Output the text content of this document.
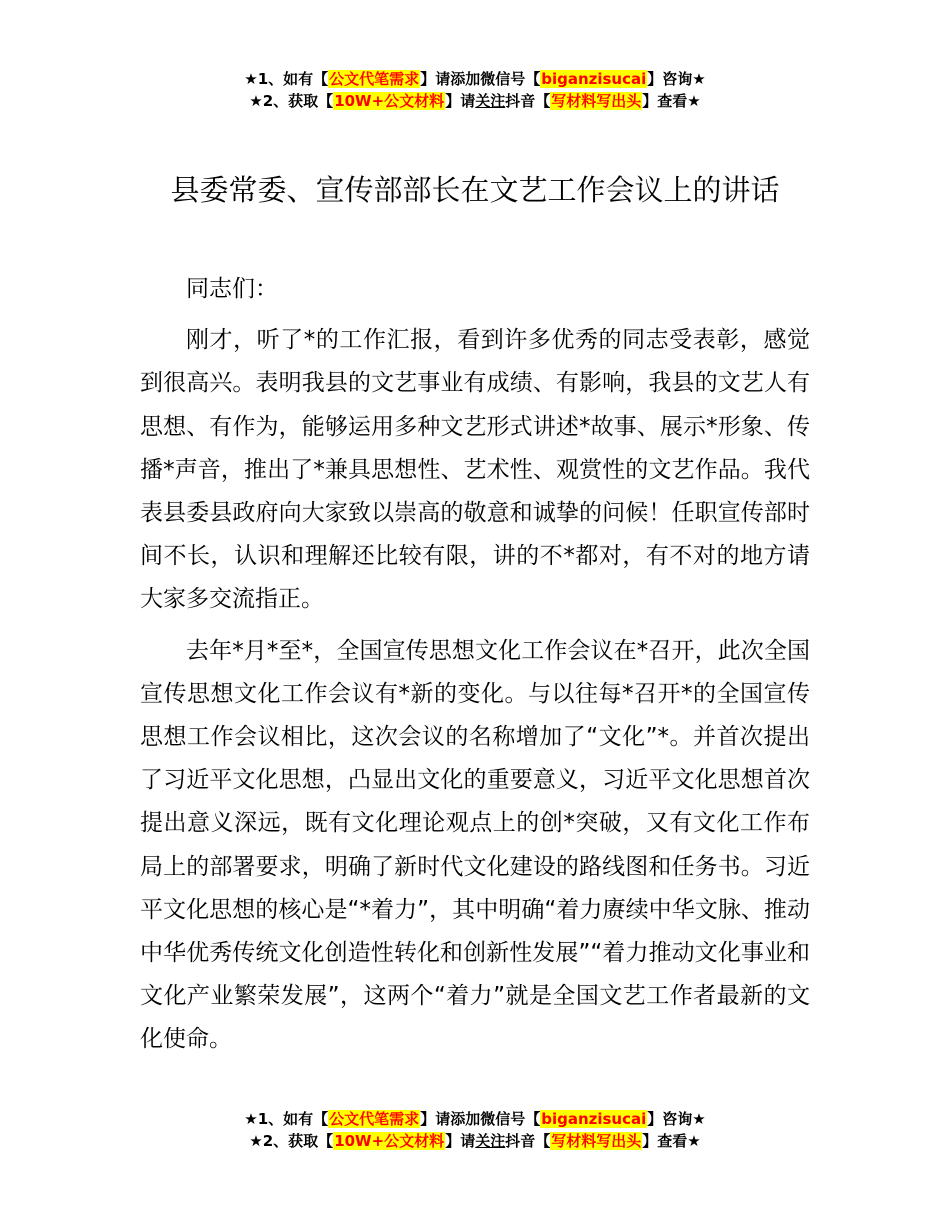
★1、如有【公文代笔需求】请添加微信号【biganzisucai】咨询★
★2、获取【10W+公文材料】请关注抖音【写材料写出头】查看★
县委常委、宣传部部长在文艺工作会议上的讲话

同志们：

刚才，听了*的工作汇报，看到许多优秀的同志受表彰，感觉到很高兴。表明我县的文艺事业有成绩、有影响，我县的文艺人有思想、有作为，能够运用多种文艺形式讲述*故事、展示*形象、传播*声音，推出了*兼具思想性、艺术性、观赏性的文艺作品。我代表县委县政府向大家致以崇高的敬意和诚挚的问候！任职宣传部时间不长，认识和理解还比较有限，讲的不*都对，有不对的地方请大家多交流指正。

去年*月*至*，全国宣传思想文化工作会议在*召开，此次全国宣传思想文化工作会议有*新的变化。与以往每*召开*的全国宣传思想工作会议相比，这次会议的名称增加了“文化”*。并首次提出了习近平文化思想，凸显出文化的重要意义，习近平文化思想首次提出意义深远，既有文化理论观点上的创*突破，又有文化工作布局上的部署要求，明确了新时代文化建设的路线图和任务书。习近平文化思想的核心是“*着力”，其中明确“着力赓续中华文脉、推动中华优秀传统文化创造性转化和创新性发展”“着力推动文化事业和文化产业繁荣发展”，这两个“着力”就是全国文艺工作者最新的文化使命。

★1、如有【公文代笔需求】请添加微信号【biganzisucai】咨询★
★2、获取【10W+公文材料】请关注抖音【写材料写出头】查看★
